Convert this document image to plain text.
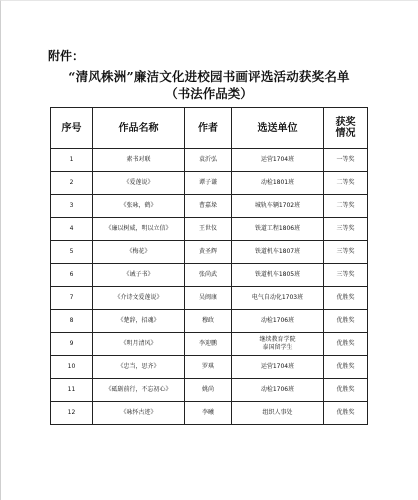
附件：
“清风株洲”廉洁文化进校园书画评选活动获奖名单
（书法作品类）
序号	作品名称	作者	选送单位	获奖情况
1	素书对联	袁沂弘	运营1704班	一等奖
2	《爱莲说》	谭子谦	动检1801班	二等奖
3	《张咏，鹤》	曹嘉垛	城轨车辆1702班	二等奖
4	《廉以树威，明以立信》	王世仪	铁道工程1806班	三等奖
5	《梅花》	黄圣辉	铁道机车1807班	三等奖
6	《诫子书》	张尚武	铁道机车1805班	三等奖
7	《介诗文爱莲说》	吴闽康	电气自动化1703班	优胜奖
8	《楚辞，招魂》	穆政	动检1706班	优胜奖
9	《明月清风》	李迎鹏	继续教育学院
泰国留学生	优胜奖
10	《忠当，思齐》	罗琪	运营1704班	优胜奖
11	《砥砺前行，不忘初心》	姚尚	动检1706班	优胜奖
12	《咏怀古迹》	李曦	组织人事处	优胜奖
